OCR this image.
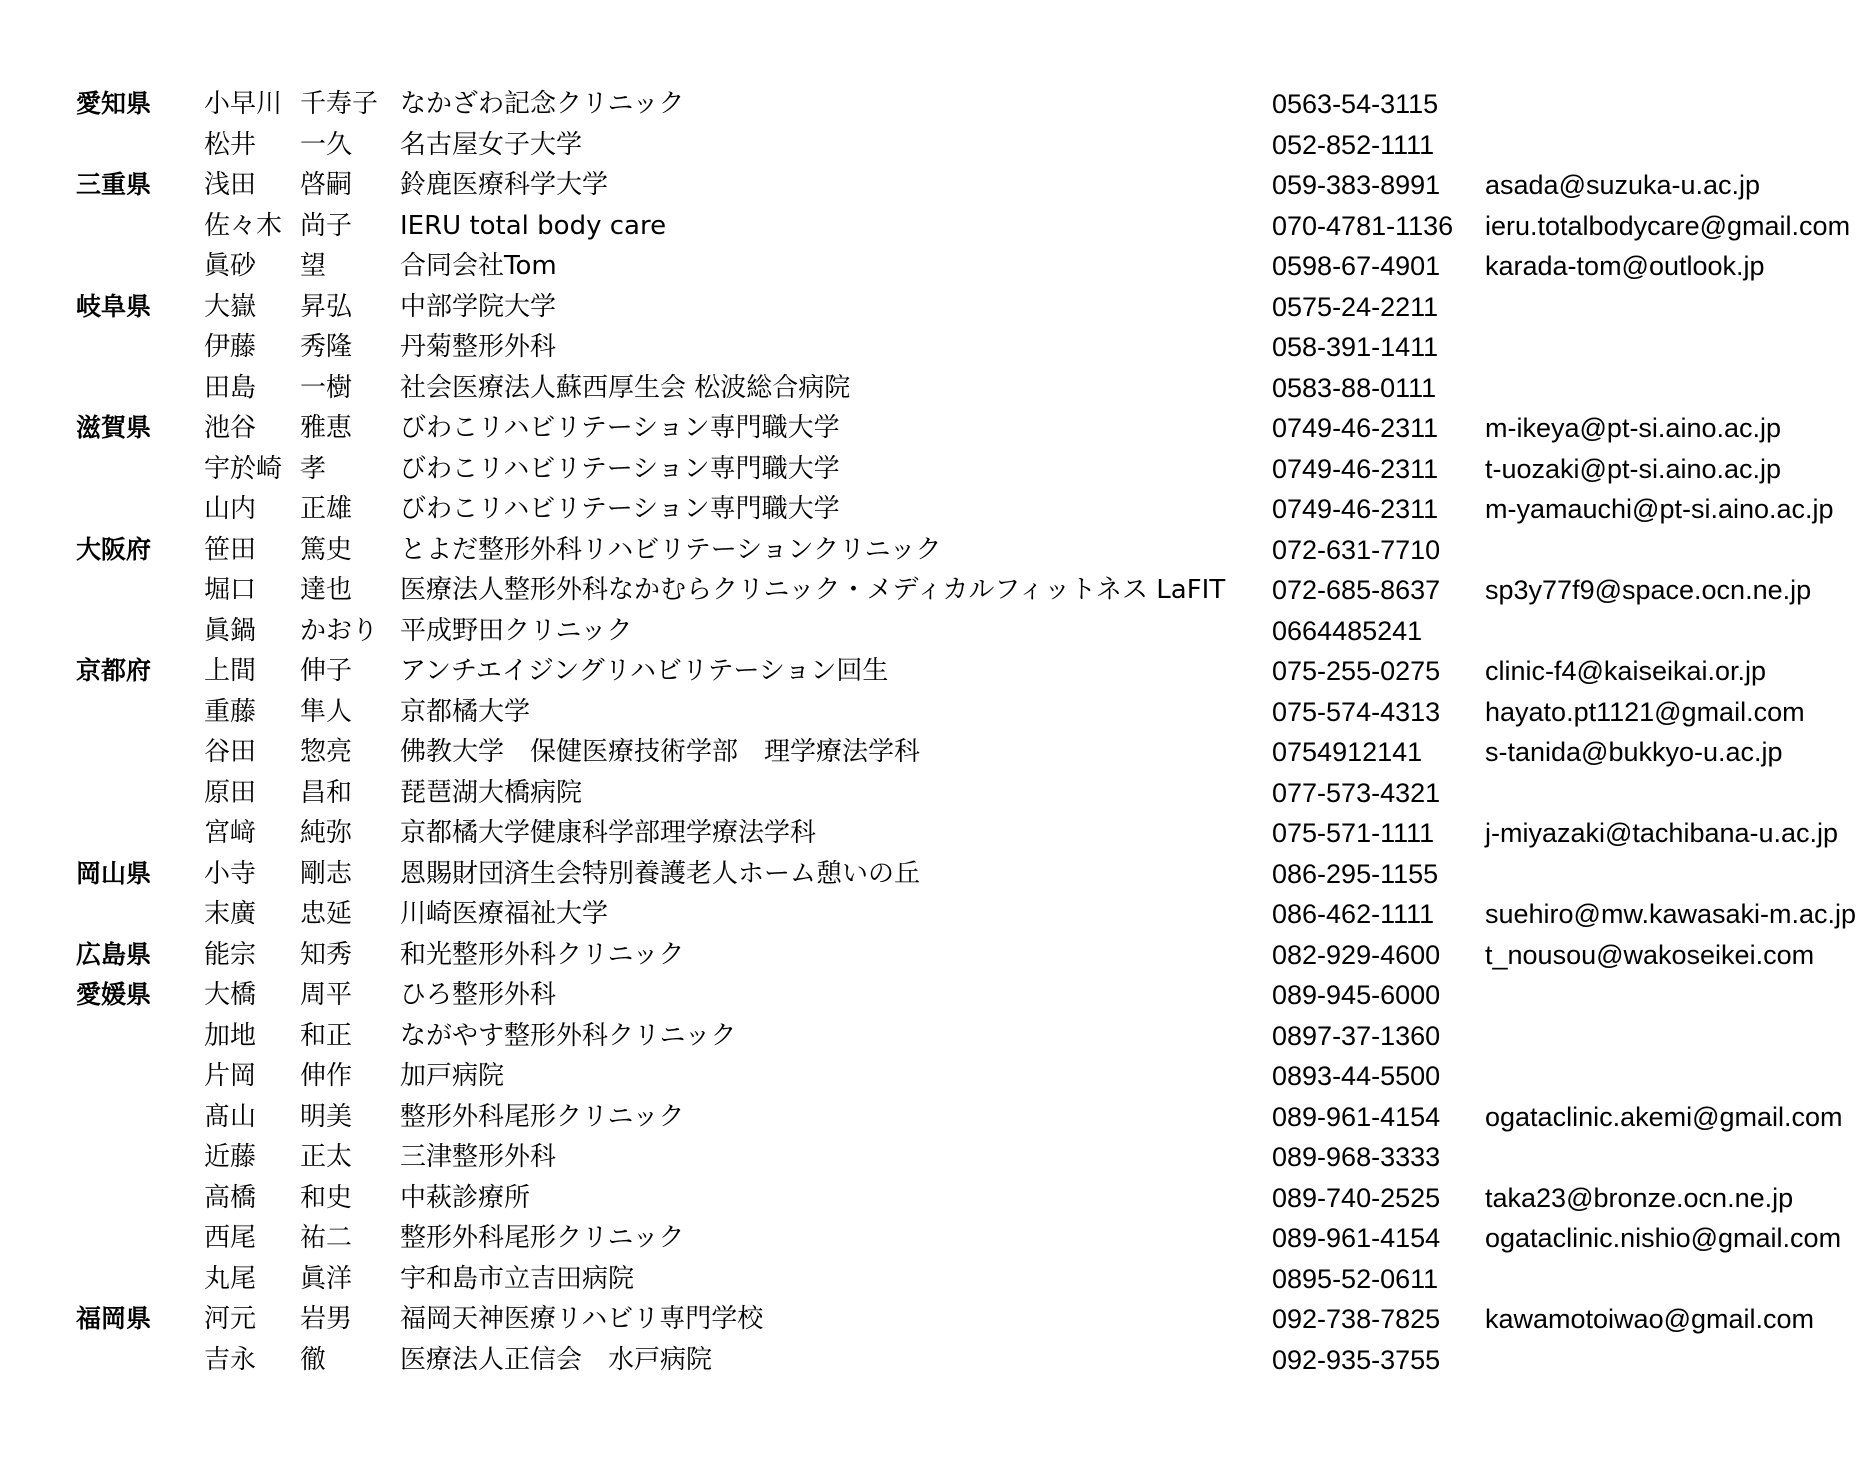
愛知県 小早川 千寿子 なかざわ記念クリニック	0563-54-3115
松井 一久 名古屋女子大学	052-852-1111
三重県 浅田 啓嗣 鈴鹿医療科学大学	059-383-8991 asada@suzuka-u.ac.jp
佐々木 尚子 IERU total body care	070-4781-1136 ieru.totalbodycare@gmail.com
眞砂 望	合同会社Tom	0598-67-4901 karada-tom@outlook.jp
岐阜県 大嶽 昇弘 中部学院大学	0575-24-2211
伊藤 秀隆 丹菊整形外科	058-391-1411
田島 一樹 社会医療法人蘇西厚生会 松波総合病院	0583-88-0111
滋賀県 池谷 雅恵 びわこリハビリテーション専門職大学	0749-46-2311 m-ikeya@pt-si.aino.ac.jp
宇於崎 孝	びわこリハビリテーション専門職大学	0749-46-2311 t-uozaki@pt-si.aino.ac.jp
山内 正雄 びわこリハビリテーション専門職大学	0749-46-2311 m-yamauchi@pt-si.aino.ac.jp
大阪府 笹田 篤史 とよだ整形外科リハビリテーションクリニック	072-631-7710
堀口 達也 医療法人整形外科なかむらクリニック・メディカルフィットネス LaFIT 072-685-8637 sp3y77f9@space.ocn.ne.jp
眞鍋 かおり 平成野田クリニック	0664485241
京都府 上間 伸子 アンチエイジングリハビリテーション回生	075-255-0275 clinic-f4@kaiseikai.or.jp
重藤 隼人 京都橘大学	075-574-4313 hayato.pt1121@gmail.com
谷田 惣亮 佛教大学　保健医療技術学部　理学療法学科	0754912141 s-tanida@bukkyo-u.ac.jp
原田 昌和 琵琶湖大橋病院	077-573-4321
宮﨑 純弥 京都橘大学健康科学部理学療法学科	075-571-1111 j-miyazaki@tachibana-u.ac.jp
岡山県 小寺 剛志 恩賜財団済生会特別養護老人ホーム憩いの丘	086-295-1155
末廣 忠延 川崎医療福祉大学	086-462-1111 suehiro@mw.kawasaki-m.ac.jp
広島県 能宗 知秀 和光整形外科クリニック	082-929-4600 t_nousou@wakoseikei.com
愛媛県 大橋 周平 ひろ整形外科	089-945-6000
加地 和正 ながやす整形外科クリニック	0897-37-1360
片岡 伸作 加戸病院	0893-44-5500
髙山 明美 整形外科尾形クリニック	089-961-4154 ogataclinic.akemi@gmail.com
近藤 正太 三津整形外科	089-968-3333
高橋 和史 中萩診療所	089-740-2525 taka23@bronze.ocn.ne.jp
西尾 祐二 整形外科尾形クリニック	089-961-4154 ogataclinic.nishio@gmail.com
丸尾 眞洋 宇和島市立吉田病院	0895-52-0611
福岡県 河元 岩男 福岡天神医療リハビリ専門学校	092-738-7825 kawamotoiwao@gmail.com
吉永 徹	医療法人正信会　水戸病院	092-935-3755
